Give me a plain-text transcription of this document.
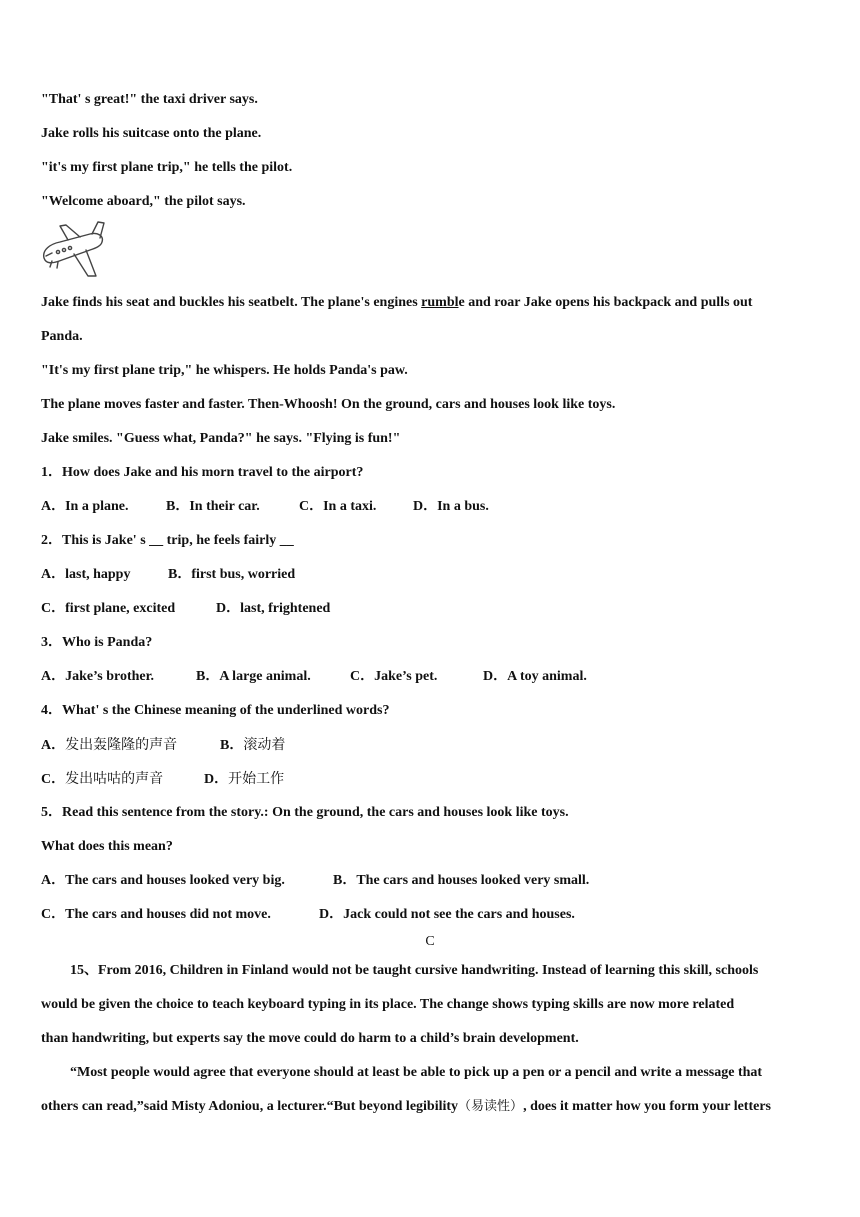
"That' s great!" the taxi driver says.
Jake rolls his suitcase onto the plane.
"it's my first plane trip," he tells the pilot.
"Welcome aboard," the pilot says.
Jake finds his seat and buckles his seatbelt. The plane's engines rumble and roar Jake opens his backpack and pulls out
Panda.
"It's my first plane trip," he whispers. He holds Panda's paw.
The plane moves faster and faster. Then-Whoosh! On the ground, cars and houses look like toys.
Jake smiles. "Guess what, Panda?" he says. "Flying is fun!"
1．How does Jake and his morn travel to the airport?
A．In a plane.	B．In their car.	C．In a taxi.	D．In a bus.
2．This is Jake' s __ trip, he feels fairly __
A．last, happy	B．first bus, worried
C．first plane, excited	D．last, frightened
3．Who is Panda?
A．Jake’s brother.	B．A large animal.	C．Jake’s pet.	D．A toy animal.
4．What' s the Chinese meaning of the underlined words?
A．发出轰隆隆的声音	B．滚动着
C．发出咕咕的声音	D．开始工作
5．Read this sentence from the story.: On the ground, the cars and houses look like toys.
What does this mean?
A．The cars and houses looked very big.	B．The cars and houses looked very small.
C．The cars and houses did not move.	D．Jack could not see the cars and houses.
C
15、From 2016, Children in Finland would not be taught cursive handwriting. Instead of learning this skill, schools
would be given the choice to teach keyboard typing in its place. The change shows typing skills are now more related
than handwriting, but experts say the move could do harm to a child’s brain development.
“Most people would agree that everyone should at least be able to pick up a pen or a pencil and write a message that
others can read,”said Misty Adoniou, a lecturer.“But beyond legibility（易读性）, does it matter how you form your letters
